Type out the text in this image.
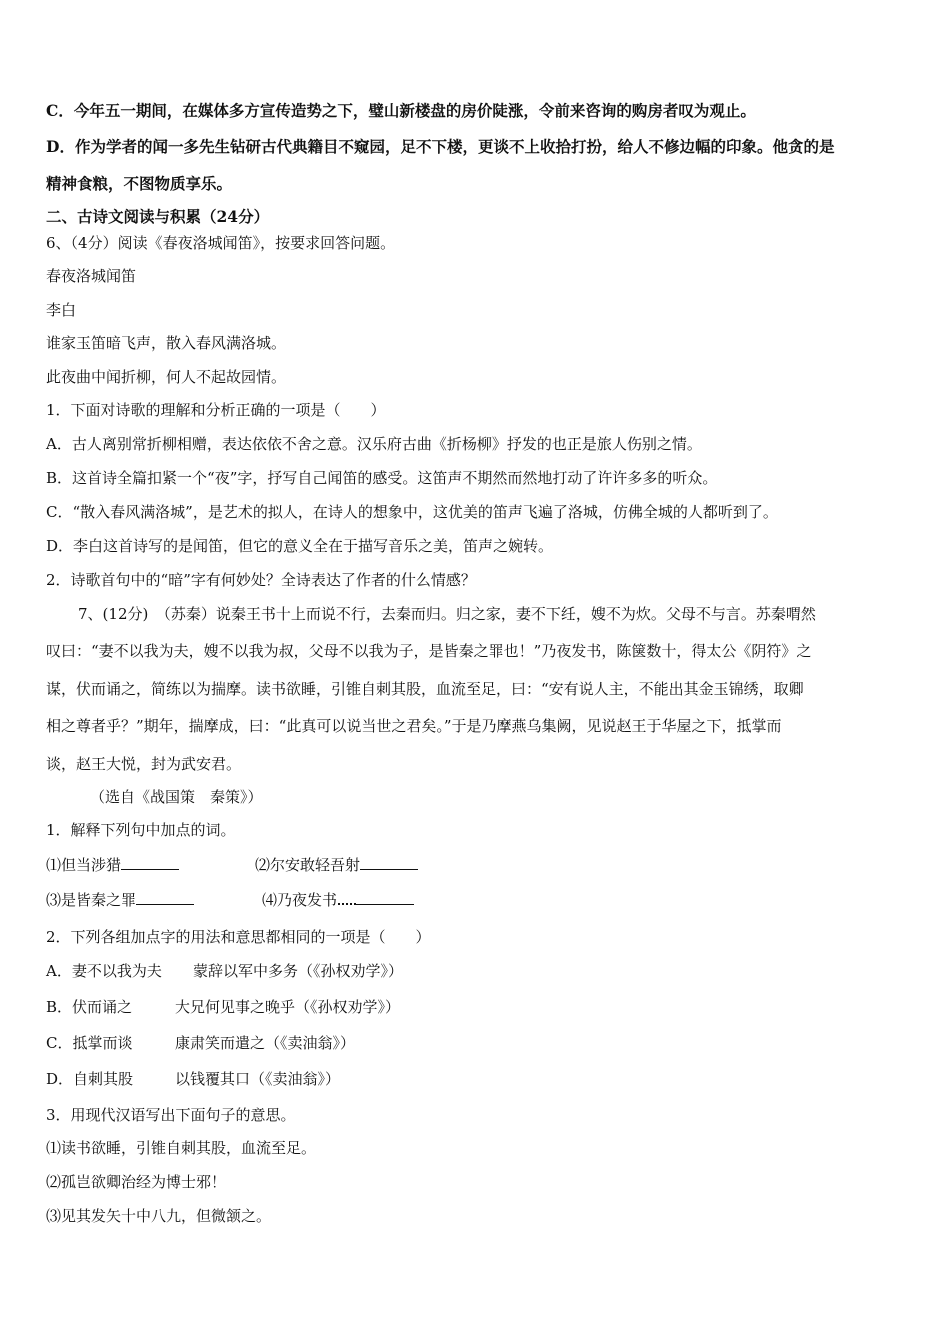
C．今年五一期间，在媒体多方宣传造势之下，璧山新楼盘的房价陡涨，令前来咨询的购房者叹为观止。
D．作为学者的闻一多先生钻研古代典籍目不窥园，足不下楼，更谈不上收拾打扮，给人不修边幅的印象。他贪的是
精神食粮，不图物质享乐。
二、古诗文阅读与积累（24分）
6、（4分）阅读《春夜洛城闻笛》，按要求回答问题。
春夜洛城闻笛
李白
谁家玉笛暗飞声，散入春风满洛城。
此夜曲中闻折柳，何人不起故园情。
1．下面对诗歌的理解和分析正确的一项是（　　）
A．古人离别常折柳相赠，表达依依不舍之意。汉乐府古曲《折杨柳》抒发的也正是旅人伤别之情。
B．这首诗全篇扣紧一个“夜”字，抒写自己闻笛的感受。这笛声不期然而然地打动了许许多多的听众。
C．“散入春风满洛城”，是艺术的拟人，在诗人的想象中，这优美的笛声飞遍了洛城，仿佛全城的人都听到了。
D．李白这首诗写的是闻笛，但它的意义全在于描写音乐之美，笛声之婉转。
2．诗歌首句中的“暗”字有何妙处？全诗表达了作者的什么情感？
7、(12分)　（苏秦）说秦王书十上而说不行，去秦而归。归之家，妻不下纴，嫂不为炊。父母不与言。苏秦喟然
叹曰：“妻不以我为夫，嫂不以我为叔，父母不以我为子，是皆秦之罪也！”乃夜发书，陈箧数十，得太公《阴符》之
谋，伏而诵之，简练以为揣摩。读书欲睡，引锥自刺其股，血流至足，曰：“安有说人主，不能出其金玉锦绣，取卿
相之尊者乎？”期年，揣摩成，曰：“此真可以说当世之君矣。”于是乃摩燕乌集阙，见说赵王于华屋之下，抵掌而
谈，赵王大悦，封为武安君。
（选自《战国策　秦策》）
1．解释下列句中加点的词。
⑴但当涉猎	⑵尔安敢轻吾射
⑶是皆秦之罪	⑷乃夜发书
2．下列各组加点字的用法和意思都相同的一项是（　　）
A．妻不以我为夫 蒙辞以军中多务（《孙权劝学》）
B．伏而诵之	大兄何见事之晚乎（《孙权劝学》）
C．抵掌而谈	康肃笑而遣之（《卖油翁》）
D．自刺其股	以钱覆其口（《卖油翁》）
3．用现代汉语写出下面句子的意思。
⑴读书欲睡，引锥自刺其股，血流至足。
⑵孤岂欲卿治经为博士邪！
⑶见其发矢十中八九，但微颔之。
